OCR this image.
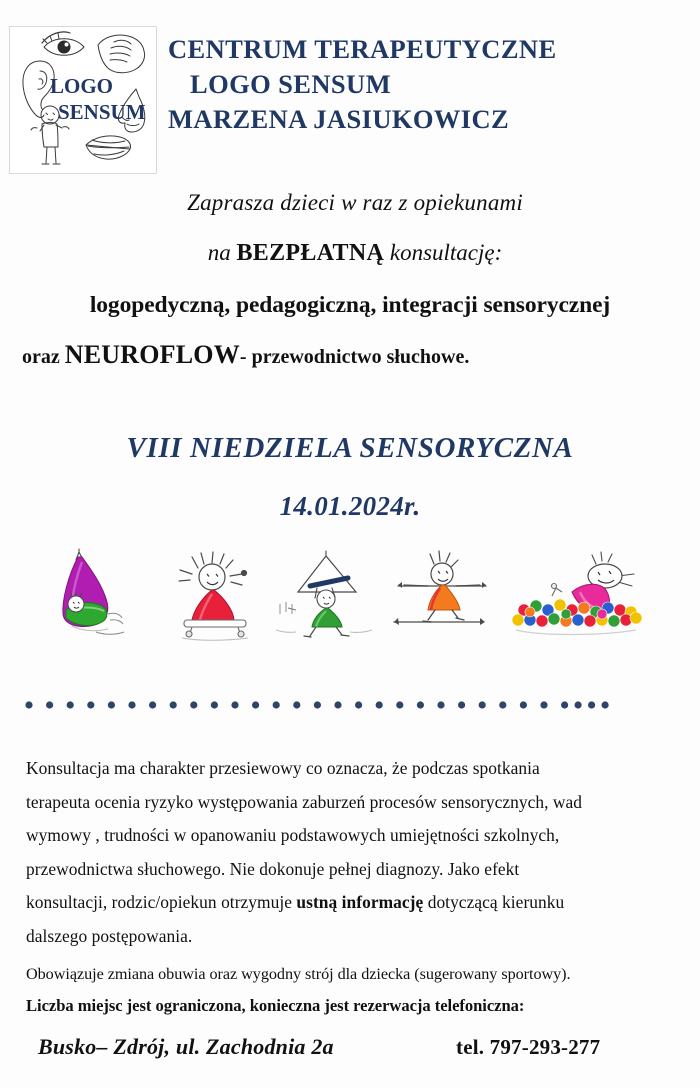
LOGO
SENSUM
CENTRUM TERAPEUTYCZNE
LOGO SENSUM
MARZENA JASIUKOWICZ
Zaprasza dzieci w raz z opiekunami
na BEZPŁATNĄ konsultację:
logopedyczną, pedagogiczną, integracji sensorycznej
oraz NEUROFLOW- przewodnictwo słuchowe.
VIII NIEDZIELA SENSORYCZNA
14.01.2024r.

Konsultacja ma charakter przesiewowy co oznacza, że podczas spotkania

terapeuta ocenia ryzyko występowania zaburzeń procesów sensorycznych, wad

wymowy , trudności w opanowaniu podstawowych umiejętności szkolnych,

przewodnictwa słuchowego. Nie dokonuje pełnej diagnozy. Jako efekt

konsultacji, rodzic/opiekun otrzymuje ustną informację dotyczącą kierunku

dalszego postępowania.

Obowiązuje zmiana obuwia oraz wygodny strój dla dziecka (sugerowany sportowy).
Liczba miejsc jest ograniczona, konieczna jest rezerwacja telefoniczna:
Busko– Zdrój, ul. Zachodnia 2a	tel. 797-293-277
